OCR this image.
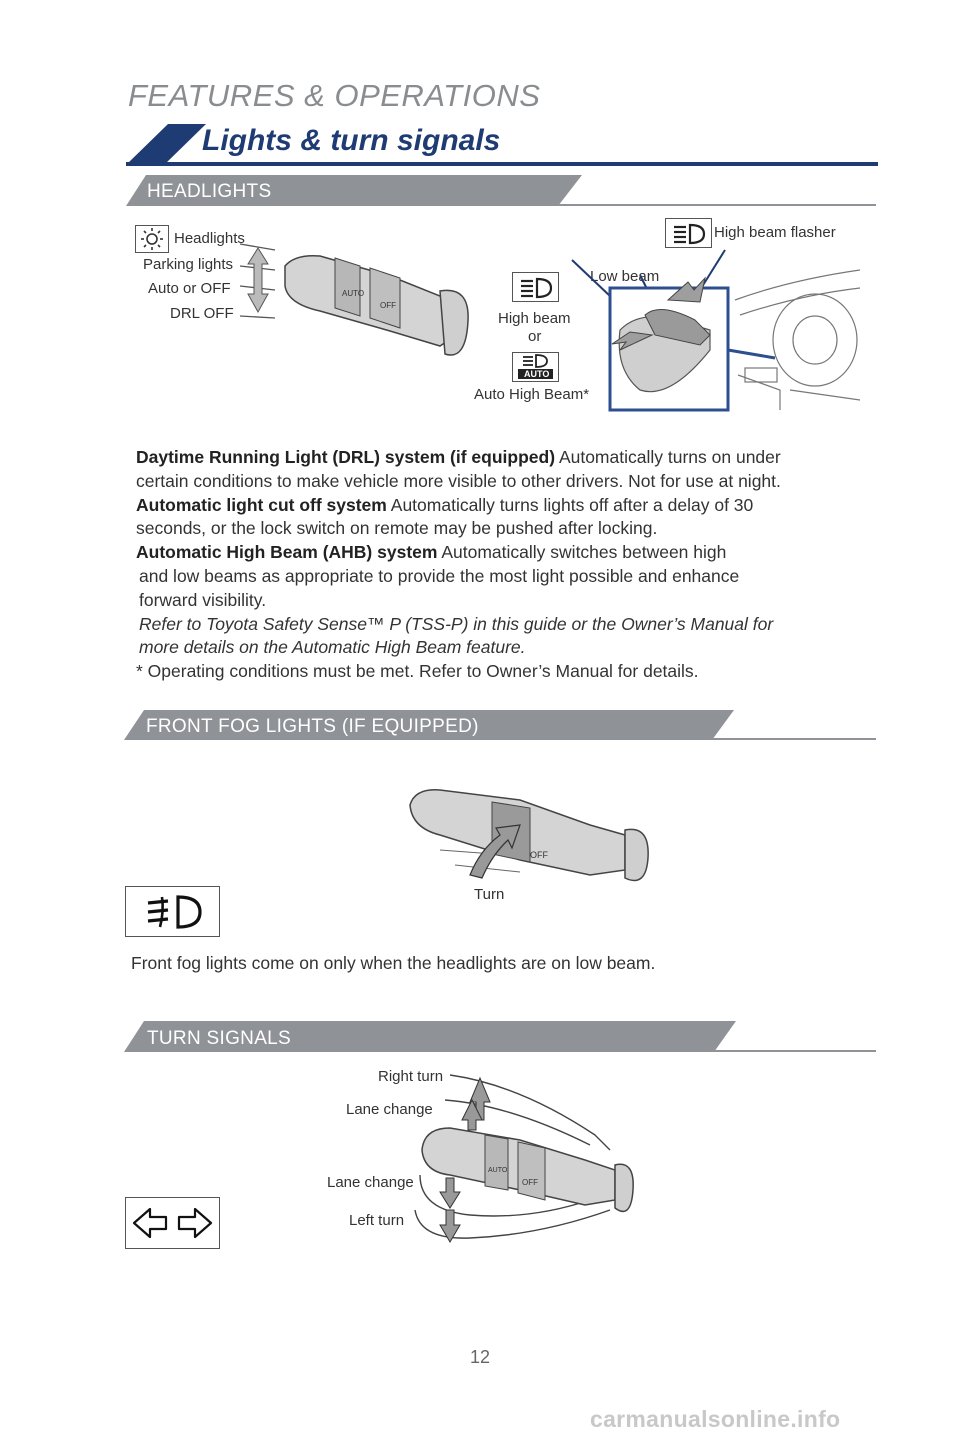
FEATURES & OPERATIONS
Lights & turn signals
HEADLIGHTS
Headlights
Parking lights
Auto or OFF
DRL OFF
AUTO
OFF
High beam flasher
Low beam
High beam
or
AUTO
Auto High Beam*

Daytime Running Light (DRL) system (if equipped) Automatically turns on under

certain conditions to make vehicle more visible to other drivers. Not for use at night.

Automatic light cut off system Automatically turns lights off after a delay of 30

seconds, or the lock switch on remote may be pushed after locking.

Automatic High Beam (AHB) system Automatically switches between high

and low beams as appropriate to provide the most light possible and enhance

forward visibility.

Refer to Toyota Safety Sense™ P (TSS-P) in this guide or the Owner’s Manual for

more details on the Automatic High Beam feature.

* Operating conditions must be met. Refer to Owner’s Manual for details.

FRONT FOG LIGHTS (IF EQUIPPED)
OFF
Turn
Front fog lights come on only when the headlights are on low beam.
TURN SIGNALS
Right turn
Lane change
Lane change
Left turn
OFF
AUTO
12
carmanualsonline.info
